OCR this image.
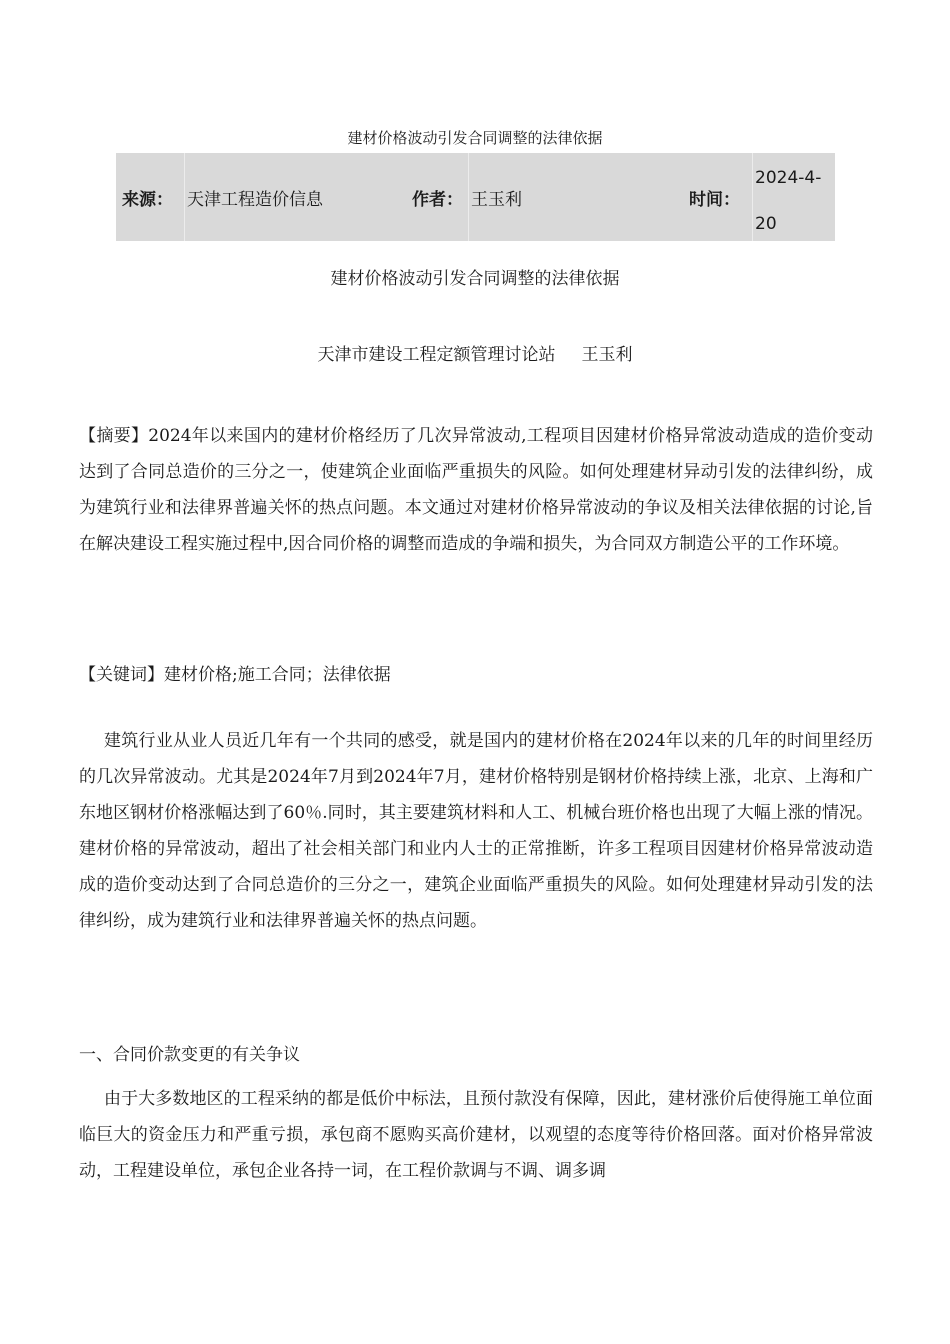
建材价格波动引发合同调整的法律依据
来源： 天津工程造价信息	作者： 王玉利	时间：
2024-4-20
建材价格波动引发合同调整的法律依据
天津市建设工程定额管理讨论站 王玉利

【摘要】2024年以来国内的建材价格经历了几次异常波动,工程项目因建材价格异常波动造成的造价变动达到了合同总造价的三分之一，使建筑企业面临严重损失的风险。如何处理建材异动引发的法律纠纷，成为建筑行业和法律界普遍关怀的热点问题。本文通过对建材价格异常波动的争议及相关法律依据的讨论,旨在解决建设工程实施过程中,因合同价格的调整而造成的争端和损失，为合同双方制造公平的工作环境。

【关键词】建材价格;施工合同；法律依据

建筑行业从业人员近几年有一个共同的感受，就是国内的建材价格在2024年以来的几年的时间里经历的几次异常波动。尤其是2024年7月到2024年7月，建材价格特别是钢材价格持续上涨，北京、上海和广东地区钢材价格涨幅达到了60％.同时，其主要建筑材料和人工、机械台班价格也出现了大幅上涨的情况。建材价格的异常波动，超出了社会相关部门和业内人士的正常推断，许多工程项目因建材价格异常波动造成的造价变动达到了合同总造价的三分之一，建筑企业面临严重损失的风险。如何处理建材异动引发的法律纠纷，成为建筑行业和法律界普遍关怀的热点问题。

一、合同价款变更的有关争议

由于大多数地区的工程采纳的都是低价中标法，且预付款没有保障，因此，建材涨价后使得施工单位面临巨大的资金压力和严重亏损，承包商不愿购买高价建材，以观望的态度等待价格回落。面对价格异常波动，工程建设单位，承包企业各持一词，在工程价款调与不调、调多调
